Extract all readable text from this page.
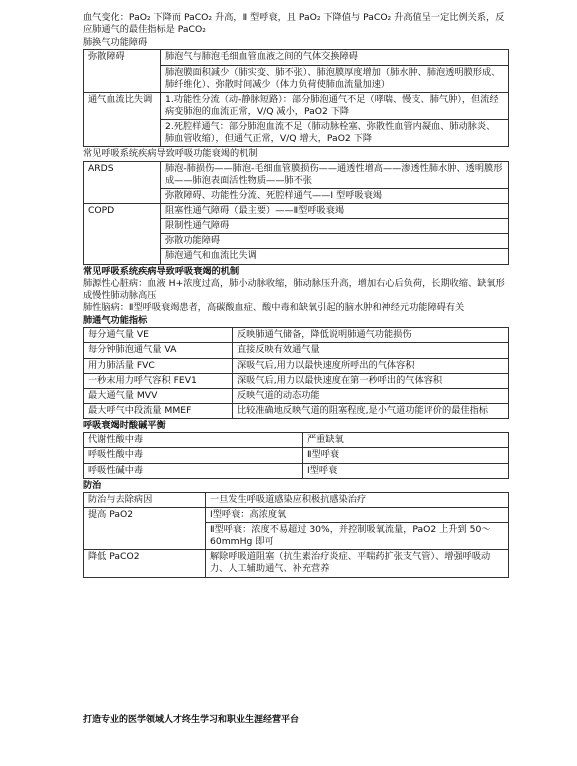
血气变化：PaO₂ 下降而 PaCO₂ 升高，Ⅱ 型呼衰，且 PaO₂ 下降值与 PaCO₂ 升高值呈一定比例关系，反应肺通气的最佳指标是 PaCO₂

肺换气功能障碍

弥散障碍	肺泡气与肺泡毛细血管血液之间的气体交换障碍
	肺泡膜面积减少（肺实变、肺不张）、肺泡膜厚度增加（肺水肿、肺泡透明膜形成、肺纤维化）、弥散时间减少（体力负荷使肺血流量加速）
通气血流比失调	1.功能性分流（动-静脉短路）：部分肺泡通气不足（哮喘、慢支、肺气肿），但流经病变肺泡的血流正常，V/Q 减小，PaO2 下降
	2.死腔样通气：部分肺泡血流不足（肺动脉栓塞、弥散性血管内凝血、肺动脉炎、肺血管收缩），但通气正常，V/Q 增大，PaO2 下降

常见呼吸系统疾病导致呼吸功能衰竭的机制

ARDS	肺泡-肺损伤——肺泡-毛细血管膜损伤——通透性增高——渗透性肺水肿、透明膜形成——肺泡表面活性物质——肺不张
	弥散障碍、功能性分流、死腔样通气——Ⅰ 型呼吸衰竭
COPD	阻塞性通气障碍（最主要）——Ⅱ型呼吸衰竭
	限制性通气障碍
	弥散功能障碍
	肺泡通气和血流比失调

常见呼吸系统疾病导致呼吸衰竭的机制

肺源性心脏病：血液 H+浓度过高，肺小动脉收缩，肺动脉压升高，增加右心后负荷，长期收缩、缺氧形成慢性肺动脉高压

肺性脑病：Ⅱ型呼吸衰竭患者，高碳酸血症、酸中毒和缺氧引起的脑水肿和神经元功能障碍有关

肺通气功能指标

每分通气量 VE	反映肺通气储备，降低说明肺通气功能损伤
每分钟肺泡通气量 VA	直接反映有效通气量
用力肺活量 FVC	深吸气后,用力以最快速度所呼出的气体容积
一秒末用力呼气容积 FEV1	深吸气后,用力以最快速度在第一秒呼出的气体容积
最大通气量 MVV	反映气道的动态功能
最大呼气中段流量 MMEF	比较准确地反映气道的阻塞程度,是小气道功能评价的最佳指标

呼吸衰竭时酸碱平衡

代谢性酸中毒	严重缺氧
呼吸性酸中毒	Ⅱ型呼衰
呼吸性碱中毒	Ⅰ型呼衰

防治

防治与去除病因	一旦发生呼吸道感染应积极抗感染治疗
提高 PaO2	Ⅰ型呼衰：高浓度氧
	Ⅱ型呼衰：浓度不易超过 30%，并控制吸氧流量，PaO2 上升到 50～60mmHg 即可
降低 PaCO2	解除呼吸道阻塞（抗生素治疗炎症、平喘药扩张支气管）、增强呼吸动力、人工辅助通气、补充营养
打造专业的医学领域人才终生学习和职业生涯经营平台
